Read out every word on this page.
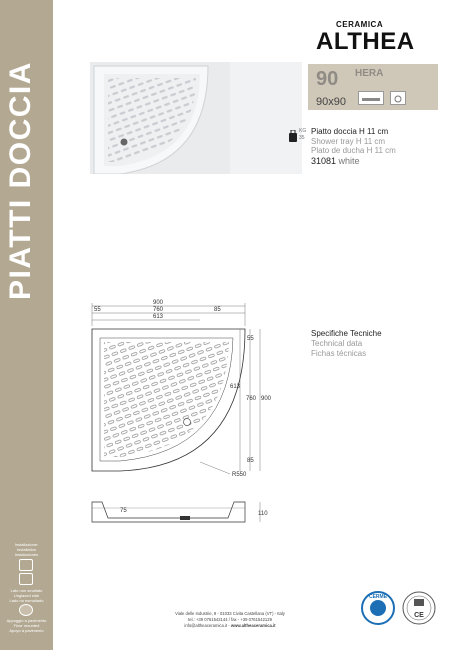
PIATTI DOCCIA
Installazione:
Installation
Instalaciones
Lato non smaltato
Unglazed side
Lado no esmaltado
Appoggio a pavimento
Floor mounted
Apoyo a pavimento
CERAMICA
ALTHEA
90 HERA
90x90
KG
35
Piatto doccia H 11 cm
Shower tray H 11 cm
Plato de ducha H 11 cm
31081 white
Specifiche Tecniche
Technical data
Fichas técnicas
900
55	760	85
613
55
613
760 900
85
R550
75	110
Viale delle Industrie, 9 - 01033 Civita Castellana (VT) - Italy
tel.: +39 0761542144 / fax - +39 0761542129
info@altheaceramica.it - www.altheaceramica.it
CERME
CE
